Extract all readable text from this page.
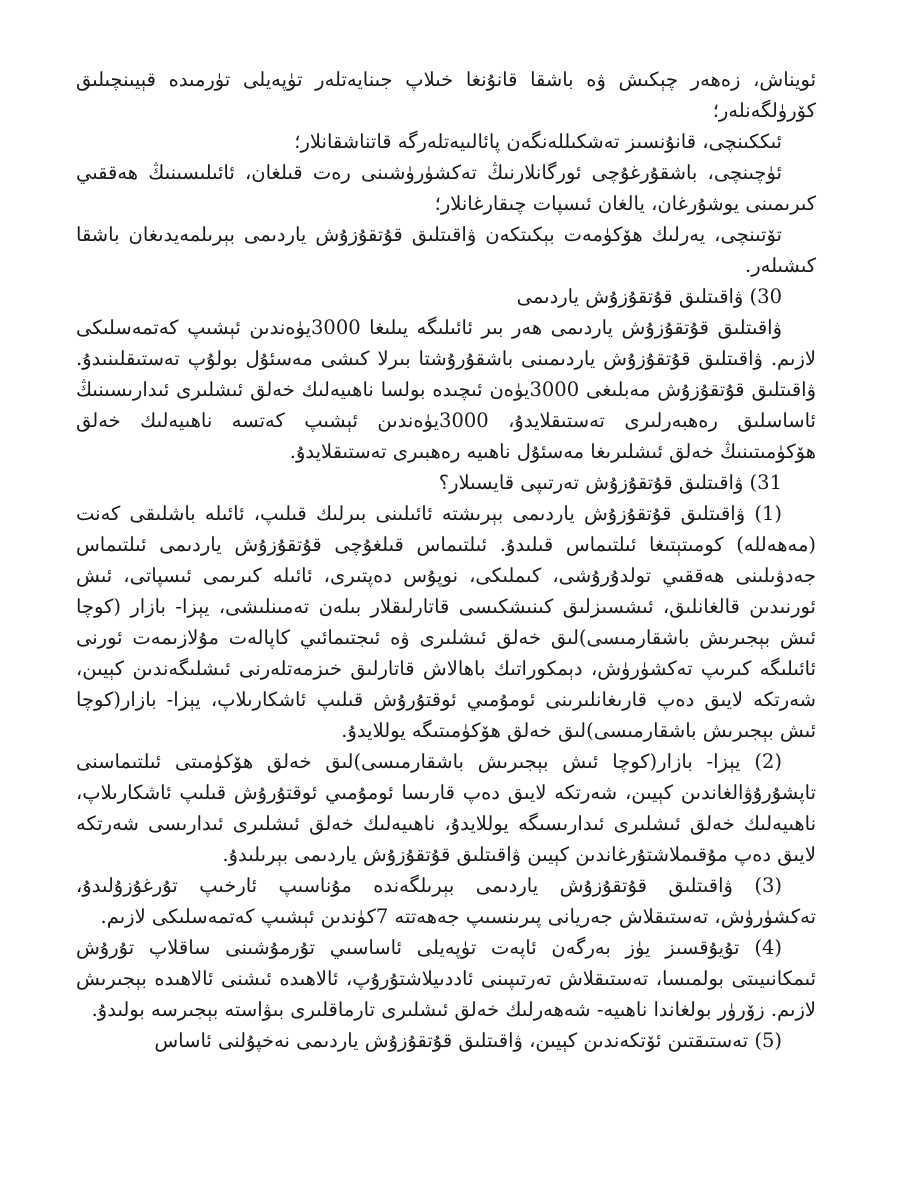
ئويناش، زەھەر چېكىش ۋە باشقا قانۇنغا خىلاپ جىنايەتلەر تۈپەيلى تۈرمىدە قېيىنچىلىق كۆرۈلگەنلەر؛

ئىككىنچى، قانۇنسىز تەشكىللەنگەن پائالىيەتلەرگە قاتناشقانلار؛

ئۈچىنچى، باشقۇرغۇچى ئورگانلارنىڭ تەكشۈرۈشىنى رەت قىلغان، ئائىلىسىنىڭ ھەققىي كىرىمىنى يوشۇرغان، يالغان ئىسپات چىقارغانلار؛

تۆتىنچى، يەرلىك ھۆكۈمەت بېكىتكەن ۋاقىتلىق قۇتقۇزۇش ياردىمى بېرىلمەيدىغان باشقا كىشىلەر.

30) ۋاقىتلىق قۇتقۇزۇش ياردىمى

ۋاقىتلىق قۇتقۇزۇش ياردىمى ھەر بىر ئائىلىگە يىلىغا 3000يۈەندىن ئېشىپ كەتمەسلىكى لازىم. ۋاقىتلىق قۇتقۇزۇش ياردىمىنى باشقۇرۇشتا بىرلا كىشى مەسئۇل بولۇپ تەستىقلىنىدۇ. ۋاقىتلىق قۇتقۇزۇش مەبلىغى 3000يۈەن ئىچىدە بولسا ناھىيەلىك خەلق ئىشلىرى ئىدارىسىنىڭ ئاساسلىق رەھبەرلىرى تەستىقلايدۇ، 3000يۈەندىن ئېشىپ كەتسە ناھىيەلىك خەلق ھۆكۈمىتىنىڭ خەلق ئىشلىرىغا مەسئۇل ناھىيە رەھبىرى تەستىقلايدۇ.

31) ۋاقىتلىق قۇتقۇزۇش تەرتىپى قايسىلار؟

(1) ۋاقىتلىق قۇتقۇزۇش ياردىمى بېرىشتە ئائىلىنى بىرلىك قىلىپ، ئائىلە باشلىقى كەنت (مەھەللە) كومىتېتىغا ئىلتىماس قىلىدۇ. ئىلتىماس قىلغۇچى قۇتقۇزۇش ياردىمى ئىلتىماس جەدۋىلىنى ھەققىي تولدۇرۇشى، كىملىكى، نوپۇس دەپتىرى، ئائىلە كىرىمى ئىسپاتى، ئىش ئورنىدىن قالغانلىق، ئىشسىزلىق كىنىشكىسى قاتارلىقلار بىلەن تەمىنلىشى، يېزا- بازار (كوچا ئىش بېجىرىش باشقارمىسى)لىق خەلق ئىشلىرى ۋە ئىجتىمائىي كاپالەت مۇلازىمەت ئورنى ئائىلىگە كىرىپ تەكشۈرۈش، دېمكوراتىك باھالاش قاتارلىق خىزمەتلەرنى ئىشلىگەندىن كېيىن، شەرتكە لايىق دەپ قارىغانلىرىنى ئومۇمىي ئوقتۇرۇش قىلىپ ئاشكارىلاپ، يېزا- بازار(كوچا ئىش بېجىرىش باشقارمىسى)لىق خەلق ھۆكۈمىتىگە يوللايدۇ.

(2) يېزا- بازار(كوچا ئىش بېجىرىش باشقارمىسى)لىق خەلق ھۆكۈمىتى ئىلتىماسنى تاپشۇرۇۋالغاندىن كېيىن، شەرتكە لايىق دەپ قارىسا ئومۇمىي ئوقتۇرۇش قىلىپ ئاشكارىلاپ، ناھىيەلىك خەلق ئىشلىرى ئىدارىسىگە يوللايدۇ، ناھىيەلىك خەلق ئىشلىرى ئىدارىسى شەرتكە لايىق دەپ مۇقىملاشتۇرغاندىن كېيىن ۋاقىتلىق قۇتقۇزۇش ياردىمى بېرىلىدۇ.

(3) ۋاقىتلىق قۇتقۇزۇش ياردىمى بېرىلگەندە مۇناسىپ ئارخىپ تۇرغۇزۇلىدۇ، تەكشۈرۈش، تەستىقلاش جەريانى پىرىنسىپ جەھەتتە 7كۈندىن ئېشىپ كەتمەسلىكى لازىم.

(4) تۇيۇقسىز يۈز بەرگەن ئاپەت تۈپەيلى ئاساسىي تۇرمۇشىنى ساقلاپ تۇرۇش ئىمكانىيىتى بولمىسا، تەستىقلاش تەرتىپىنى ئاددىيلاشتۇرۇپ، ئالاھىدە ئىشنى ئالاھىدە بېجىرىش لازىم. زۆرۈر بولغاندا ناھىيە- شەھەرلىك خەلق ئىشلىرى تارماقلىرى بىۋاستە بېجىرسە بولىدۇ.

(5) تەستىقتىن ئۆتكەندىن كېيىن، ۋاقىتلىق قۇتقۇزۇش ياردىمى نەخپۇلنى ئاساس
